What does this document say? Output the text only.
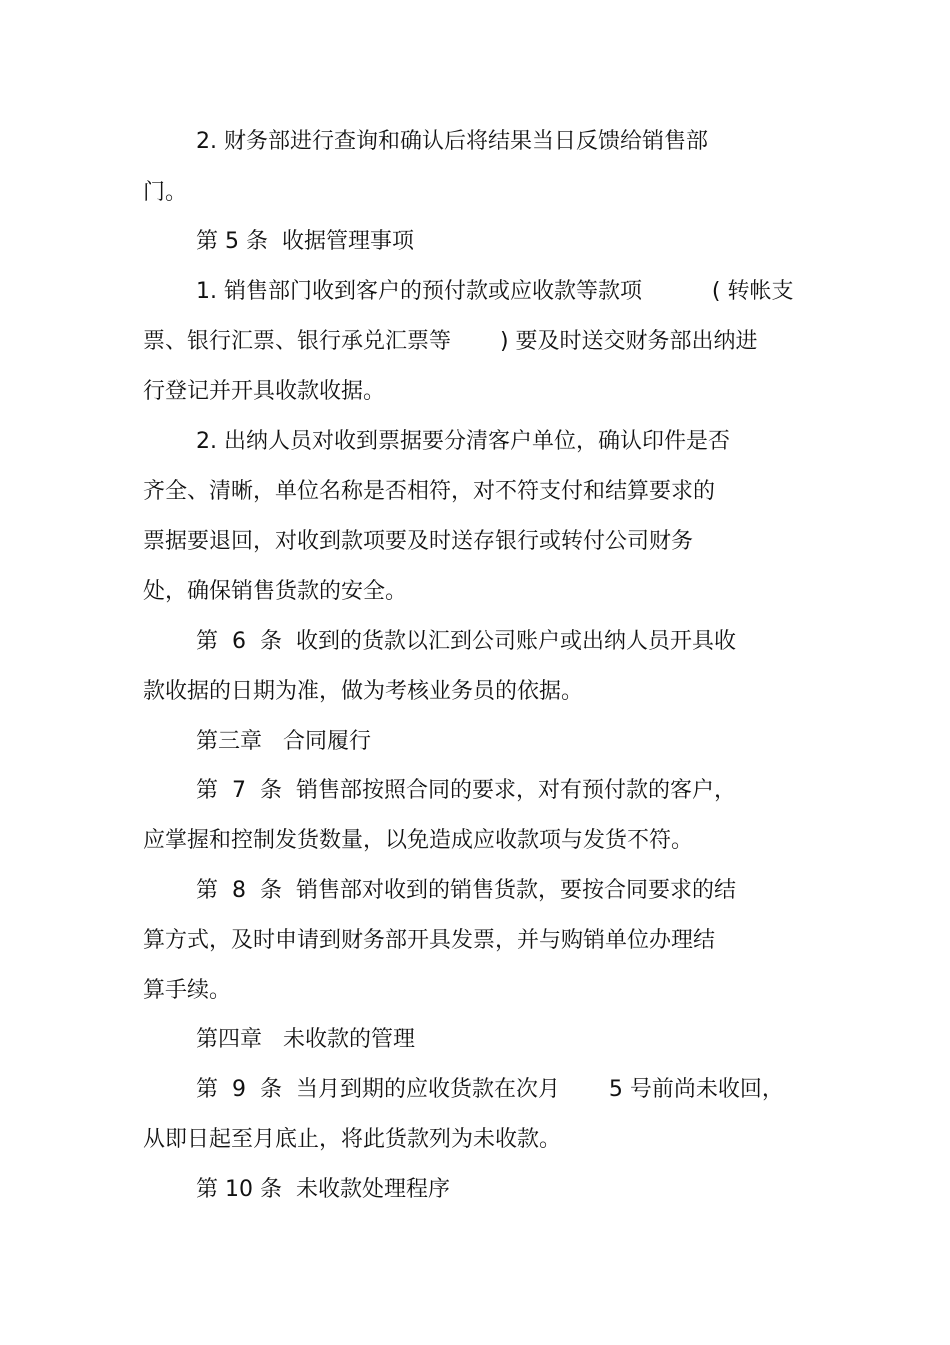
2. 财务部进行查询和确认后将结果当日反馈给销售部

门。

第 5 条  收据管理事项

1. 销售部门收到客户的预付款或应收款等款项          ( 转帐支

票、银行汇票、银行承兑汇票等       ) 要及时送交财务部出纳进

行登记并开具收款收据。

2. 出纳人员对收到票据要分清客户单位，确认印件是否

齐全、清晰，单位名称是否相符，对不符支付和结算要求的

票据要退回，对收到款项要及时送存银行或转付公司财务

处，确保销售货款的安全。

第  6  条  收到的货款以汇到公司账户或出纳人员开具收

款收据的日期为准，做为考核业务员的依据。

第三章   合同履行

第  7  条  销售部按照合同的要求，对有预付款的客户，

应掌握和控制发货数量，以免造成应收款项与发货不符。

第  8  条  销售部对收到的销售货款，要按合同要求的结

算方式，及时申请到财务部开具发票，并与购销单位办理结

算手续。

第四章   未收款的管理

第  9  条  当月到期的应收货款在次月       5 号前尚未收回，

从即日起至月底止，将此货款列为未收款。

第 10 条  未收款处理程序
